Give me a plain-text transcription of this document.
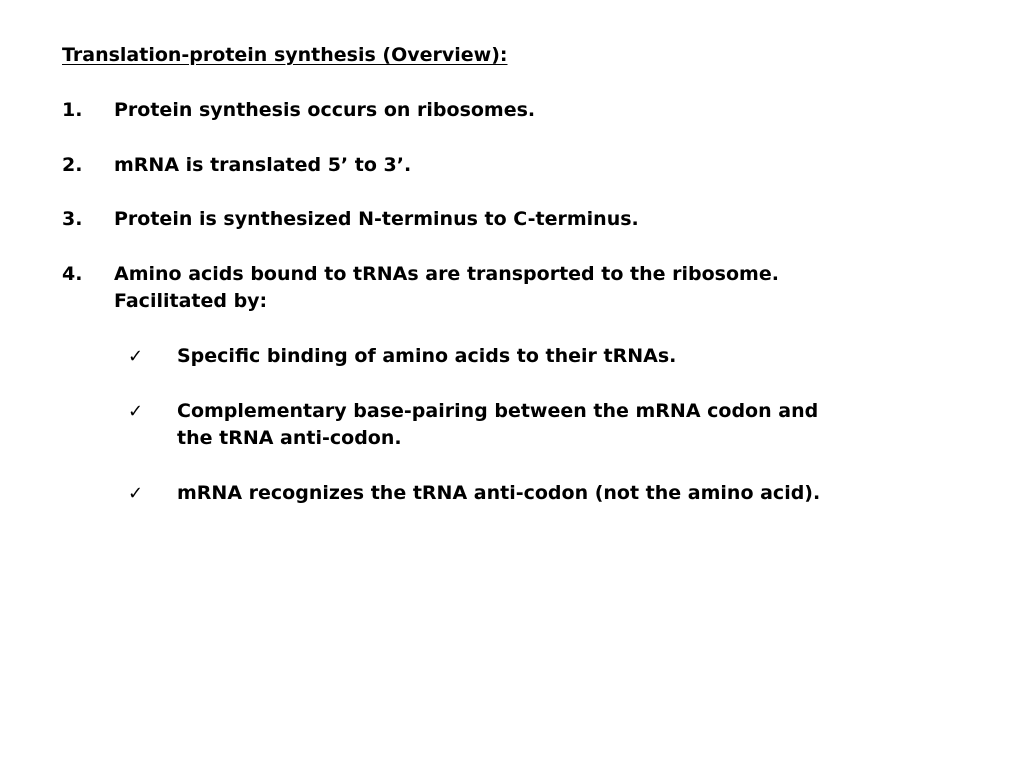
Translation-protein synthesis (Overview):
1.	Protein synthesis occurs on ribosomes.
2.	mRNA is translated 5’ to 3’.
3.	Protein is synthesized N-terminus to C-terminus.
4.	Amino acids bound to tRNAs are transported to the ribosome.
Facilitated by:
✓ Specific binding of amino acids to their tRNAs.
✓ Complementary base-pairing between the mRNA codon and
the tRNA anti-codon.
✓ mRNA recognizes the tRNA anti-codon (not the amino acid).
